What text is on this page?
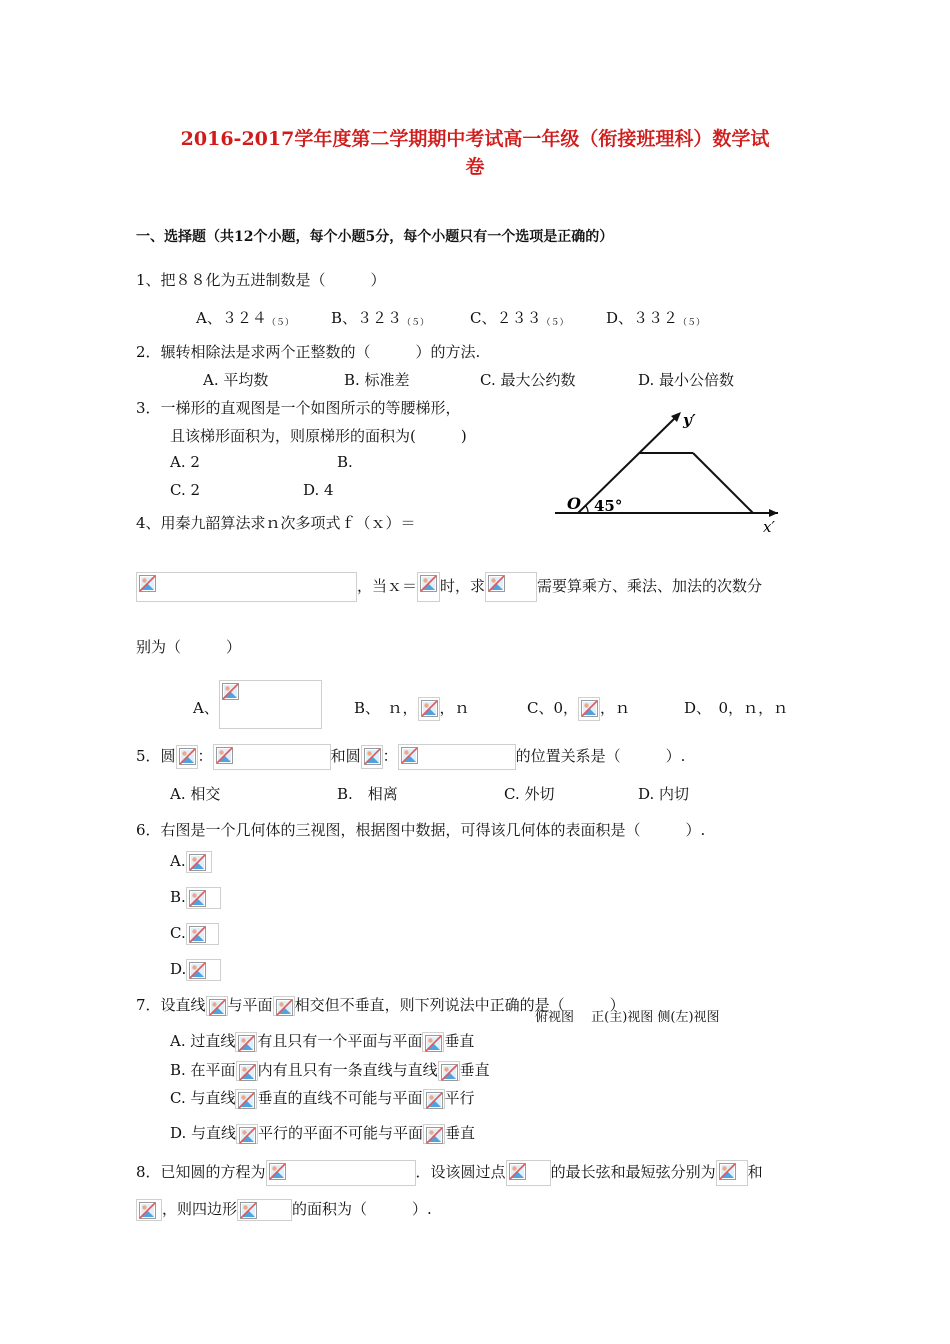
2016-2017学年度第二学期期中考试高一年级（衔接班理科）数学试
卷
一、选择题（共12个小题，每个小题5分，每个小题只有一个选项是正确的）
1、把８８化为五进制数是（　　　）
A、$324_{(5)}$ B、$323_{(5)}$	C、$233_{(5)}$	D、$332_{(5)}$
2．辗转相除法是求两个正整数的（　　　）的方法.
A. 平均数	B. 标准差	C. 最大公约数	D. 最小公倍数
3．一梯形的直观图是一个如图所示的等腰梯形，
且该梯形面积为，则原梯形的面积为(　　　)
A. 2	B.
C. 2	D. 4
y′
x′
O 45°
4、用秦九韶算法求ｎ次多项式ｆ（ｘ）＝
，当ｘ＝ 时，求	需要算乘方、乘法、加法的次数分
别为（　　　）
A、	B、　ｎ， ，ｎ	C、0， ，ｎ	D、　0，ｎ，ｎ
5．圆 ：	和圆 ：	的位置关系是（　　　）.
A. 相交	B.　相离	C. 外切	D. 内切
6．右图是一个几何体的三视图，根据图中数据，可得该几何体的表面积是（　　　）.
A.
B.
C.
D.
7．设直线 与平面 相交但不垂直，则下列说法中正确的是（　　　）
俯视图　 正(主)视图 侧(左)视图
A. 过直线 有且只有一个平面与平面 垂直
B. 在平面 内有且只有一条直线与直线 垂直
C. 与直线 垂直的直线不可能与平面 平行
D. 与直线 平行的平面不可能与平面 垂直
8．已知圆的方程为	．设该圆过点	的最长弦和最短弦分别为 和
，则四边形	的面积为（　　　）.
